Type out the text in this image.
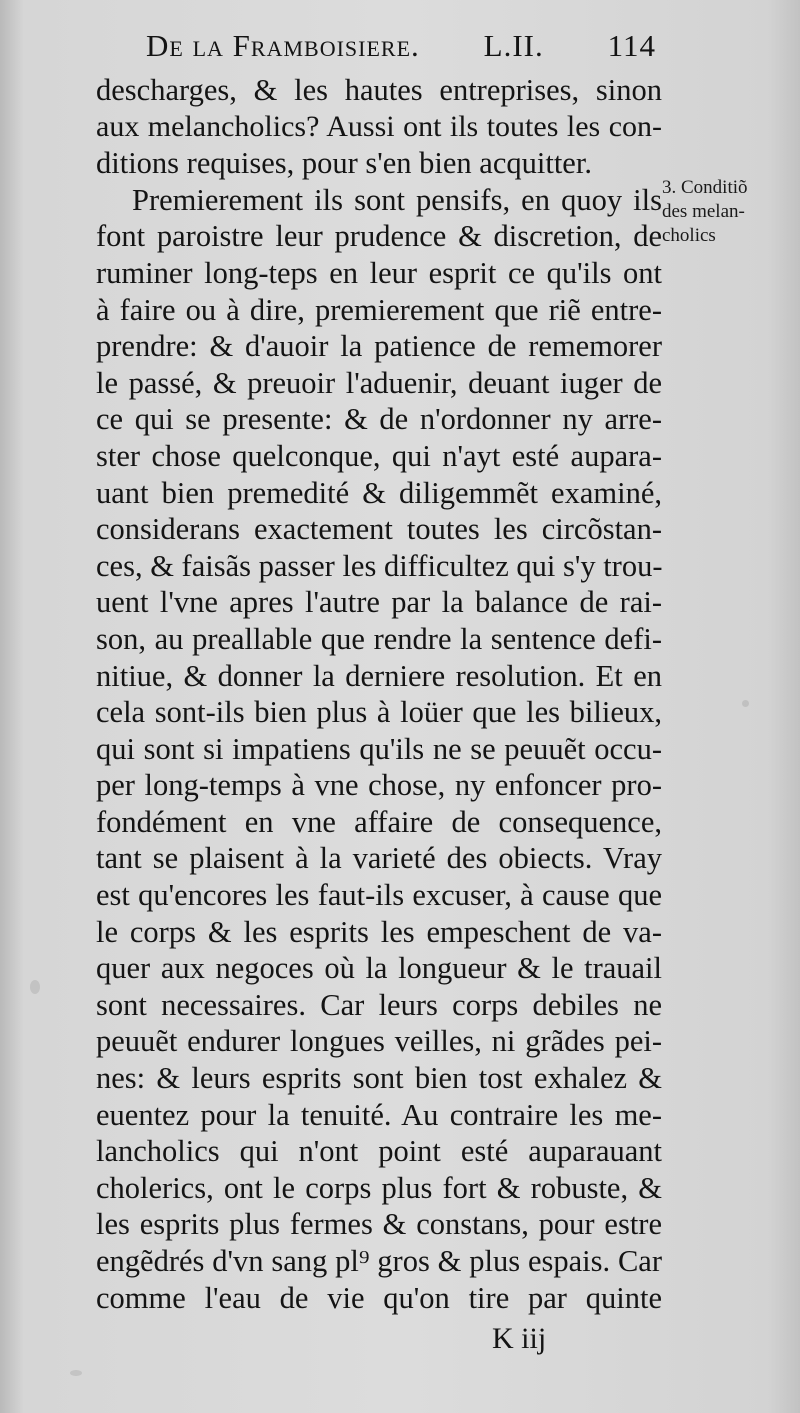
De la Framboisiere. L.II. 114
descharges, & les hautes entreprises, sinon
aux melancholics? Aussi ont ils toutes les con-
ditions requises, pour s'en bien acquitter.
Premierement ils sont pensifs, en quoy ils
font paroistre leur prudence & discretion, de
ruminer long-teps en leur esprit ce qu'ils ont
à faire ou à dire, premierement que riẽ entre-
prendre: & d'auoir la patience de rememorer
le passé, & preuoir l'aduenir, deuant iuger de
ce qui se presente: & de n'ordonner ny arre-
ster chose quelconque, qui n'ayt esté aupara-
uant bien premedité & diligemmẽt examiné,
considerans exactement toutes les circõstan-
ces, & faisãs passer les difficultez qui s'y trou-
uent l'vne apres l'autre par la balance de rai-
son, au preallable que rendre la sentence defi-
nitiue, & donner la derniere resolution. Et en
cela sont-ils bien plus à loüer que les bilieux,
qui sont si impatiens qu'ils ne se peuuẽt occu-
per long-temps à vne chose, ny enfoncer pro-
fondément en vne affaire de consequence,
tant se plaisent à la varieté des obiects. Vray
est qu'encores les faut-ils excuser, à cause que
le corps & les esprits les empeschent de va-
quer aux negoces où la longueur & le trauail
sont necessaires. Car leurs corps debiles ne
peuuẽt endurer longues veilles, ni grãdes pei-
nes: & leurs esprits sont bien tost exhalez &
euentez pour la tenuité. Au contraire les me-
lancholics qui n'ont point esté auparauant
cholerics, ont le corps plus fort & robuste, &
les esprits plus fermes & constans, pour estre
engẽdrés d'vn sang pl⁹ gros & plus espais. Car
comme l'eau de vie qu'on tire par quinte
3. Conditiõ
des melan-
cholics
K iij
